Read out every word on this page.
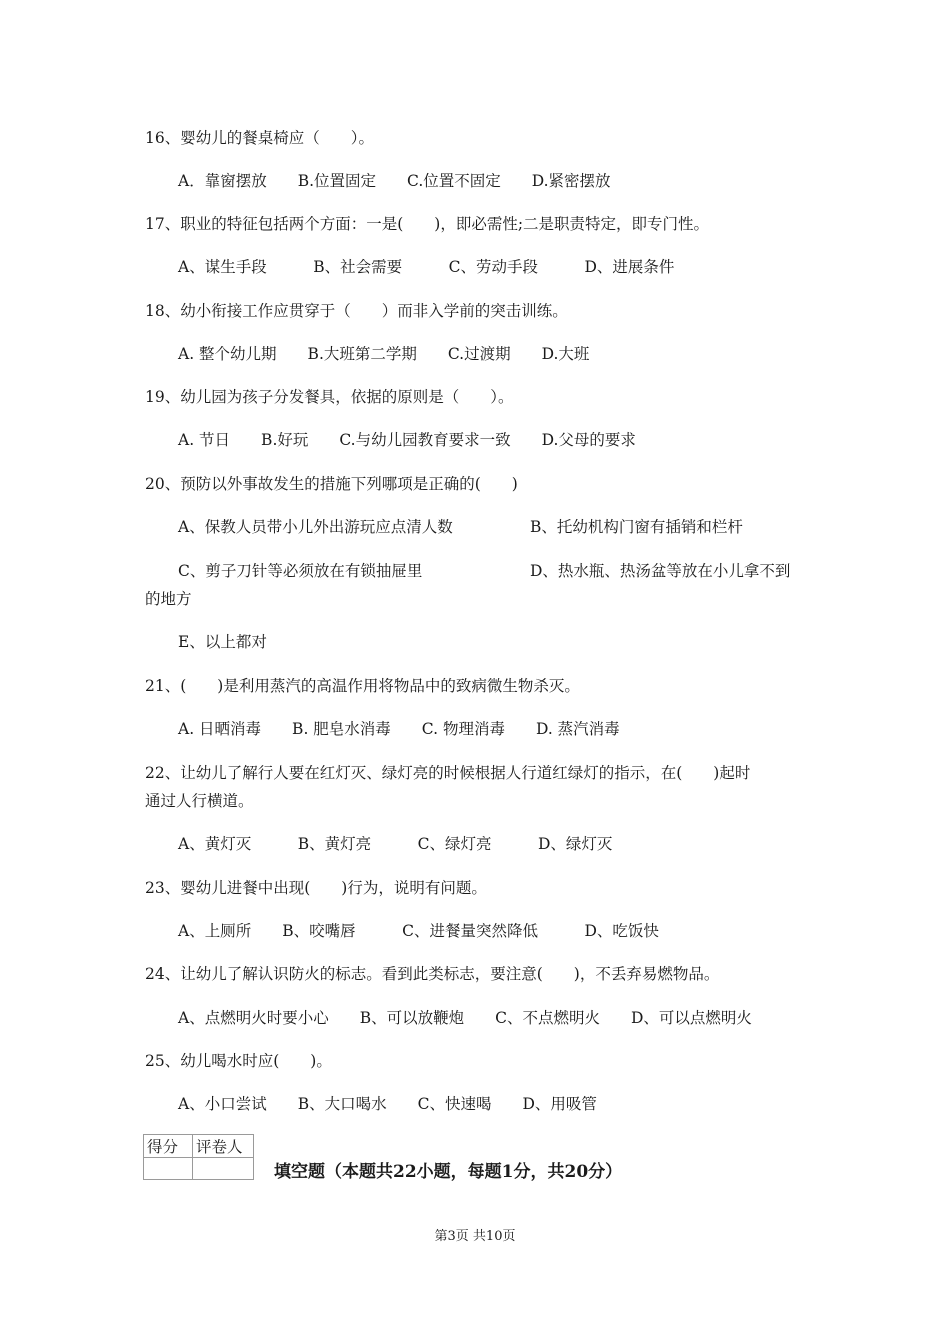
16、婴幼儿的餐桌椅应（　　）。
A．靠窗摆放　　B.位置固定　　C.位置不固定　　D.紧密摆放
17、职业的特征包括两个方面：一是(　　)，即必需性;二是职责特定，即专门性。
A、谋生手段　　　B、社会需要　　　C、劳动手段　　　D、进展条件
18、幼小衔接工作应贯穿于（　　）而非入学前的突击训练。
A. 整个幼儿期　　B.大班第二学期　　C.过渡期　　D.大班
19、幼儿园为孩子分发餐具，依据的原则是（　　）。
A. 节日　　B.好玩　　C.与幼儿园教育要求一致　　D.父母的要求
20、预防以外事故发生的措施下列哪项是正确的(　　)
A、保教人员带小儿外出游玩应点清人数	B、托幼机构门窗有插销和栏杆
C、剪子刀针等必须放在有锁抽屉里	D、热水瓶、热汤盆等放在小儿拿不到
的地方
E、以上都对
21、(　　)是利用蒸汽的高温作用将物品中的致病微生物杀灭。
A. 日晒消毒　　B. 肥皂水消毒　　C. 物理消毒　　D. 蒸汽消毒
22、让幼儿了解行人要在红灯灭、绿灯亮的时候根据人行道红绿灯的指示，在(　　)起时
通过人行横道。
A、黄灯灭　　　B、黄灯亮　　　C、绿灯亮　　　D、绿灯灭
23、婴幼儿进餐中出现(　　)行为，说明有问题。
A、上厕所　　B、咬嘴唇　　　C、进餐量突然降低　　　D、吃饭快
24、让幼儿了解认识防火的标志。看到此类标志，要注意(　　)，不丢弃易燃物品。
A、点燃明火时要小心　　B、可以放鞭炮　　C、不点燃明火　　D、可以点燃明火
25、幼儿喝水时应(　　)。
A、小口尝试　　B、大口喝水　　C、快速喝　　D、用吸管
得分	评卷人

填空题（本题共22小题，每题1分，共20分）
第3页 共10页
